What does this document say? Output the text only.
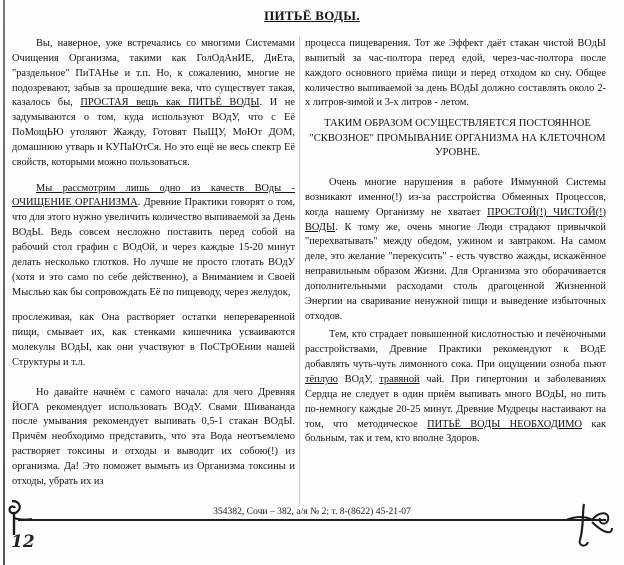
ПИТЬЁ ВОДЫ.

Вы, наверное, уже встречались со многими Системами Очищения Организма, такими как ГолОдАнИЕ, ДиЕта, "раздельное" ПиТАНье и т.п. Но, к сожалению, многие не подозревают, забыв за прошедшие века, что существует такая, казалось бы, ПРОСТАЯ вещь как ПИТЬЁ ВОДЫ. И не задумываются о том, куда используют ВОдУ, что с Её ПоМощЬЮ утоляют Жажду, Готовят ПыЩУ, МоЮт ДОМ, домашнюю утварь и КУПаЮтСя. Но это ещё не весь спектр Её свойств, которыми можно пользоваться.

Мы рассмотрим лишь одно из качеств ВОды - ОЧИЩЕНИЕ ОРГАНИЗМА. Древние Практики говорят о том, что для этого нужно увеличить количество выпиваемой за День ВОдЫ. Ведь совсем несложно поставить перед собой на рабочий стол графин с ВОдОй, и через каждые 15-20 минут делать несколько глотков. Но лучше не просто глотать ВОдУ (хотя и это само по себе действенно), а Вниманием и Своей Мыслью как бы сопровождать Её по пищеводу, через желудок,

прослеживая, как Она растворяет остатки непереваренной пищи, смывает их, как стенками кишечника усваиваются молекулы ВОдЫ, как они участвуют в ПоСТрОЕнии нашей Структуры и т.л.

Но давайте начнём с самого начала: для чего Древняя ЙОГА рекомендует использовать ВОдУ. Свами Шивананда после умывания рекомендует выпивать 0,5-1 стакан ВОдЫ. Причём необходимо представить, что эта Вода неотъемлемо растворяет токсины и отходы и выводит их собою(!) из организма. Да! Это поможет вымыть из Организма токсины и отходы, убрать их из

процесса пищеварения. Тот же Эффект даёт стакан чистой ВОдЫ выпитый за час-полтора перед едой, через-час-полтора после каждого основного приёма пищи и перед отходом ко сну. Общее количество выпиваемой за день ВОдЫ должно составлять около 2-х литров-зимой и 3-х литров - летом.

ТАКИМ ОБРАЗОМ ОСУЩЕСТВЛЯЕТСЯ ПОСТОЯННОЕ "СКВОЗНОЕ" ПРОМЫВАНИЕ ОРГАНИЗМА НА КЛЕТОЧНОМ УРОВНЕ.

Очень многие нарушения в работе Иммунной Системы возникают именно(!) из-за расстройства Обменных Процессов, когда нашему Организму не хватает ПРОСТОЙ(!) ЧИСТОЙ(!) ВОДЫ. К тому же, очень многие Люди страдают привычкой "перехватывать" между обедом, ужином и завтраком. На самом деле, это желание "перекусить" - есть чувство жажды, искажённое неправильным образом Жизни. Для Организма это оборачивается дополнительными расходами столь драгоценной Жизненной Энергии на сваривание ненужной пищи и выведение избыточных отходов.

Тем, кто страдает повышенной кислотностью и печёночными расстройствами, Древние Практики рекомендуют к ВОдЕ добавлять чуть-чуть лимонного сока. При ощущении озноба пьют тёплую ВОдУ, травяной чай. При гипертонии и заболеваниях Сердца не следует в один приём выпивать много ВОдЫ, но пить по-немногу каждые 20-25 минут. Древние Мудрецы настаивают на том, что методическое ПИТЬЁ ВОДЫ НЕОБХОДИМО как больным, так и тем, кто вполне Здоров.

354382, Сочи – 382, а/я № 2; т. 8-(8622) 45-21-07
12
